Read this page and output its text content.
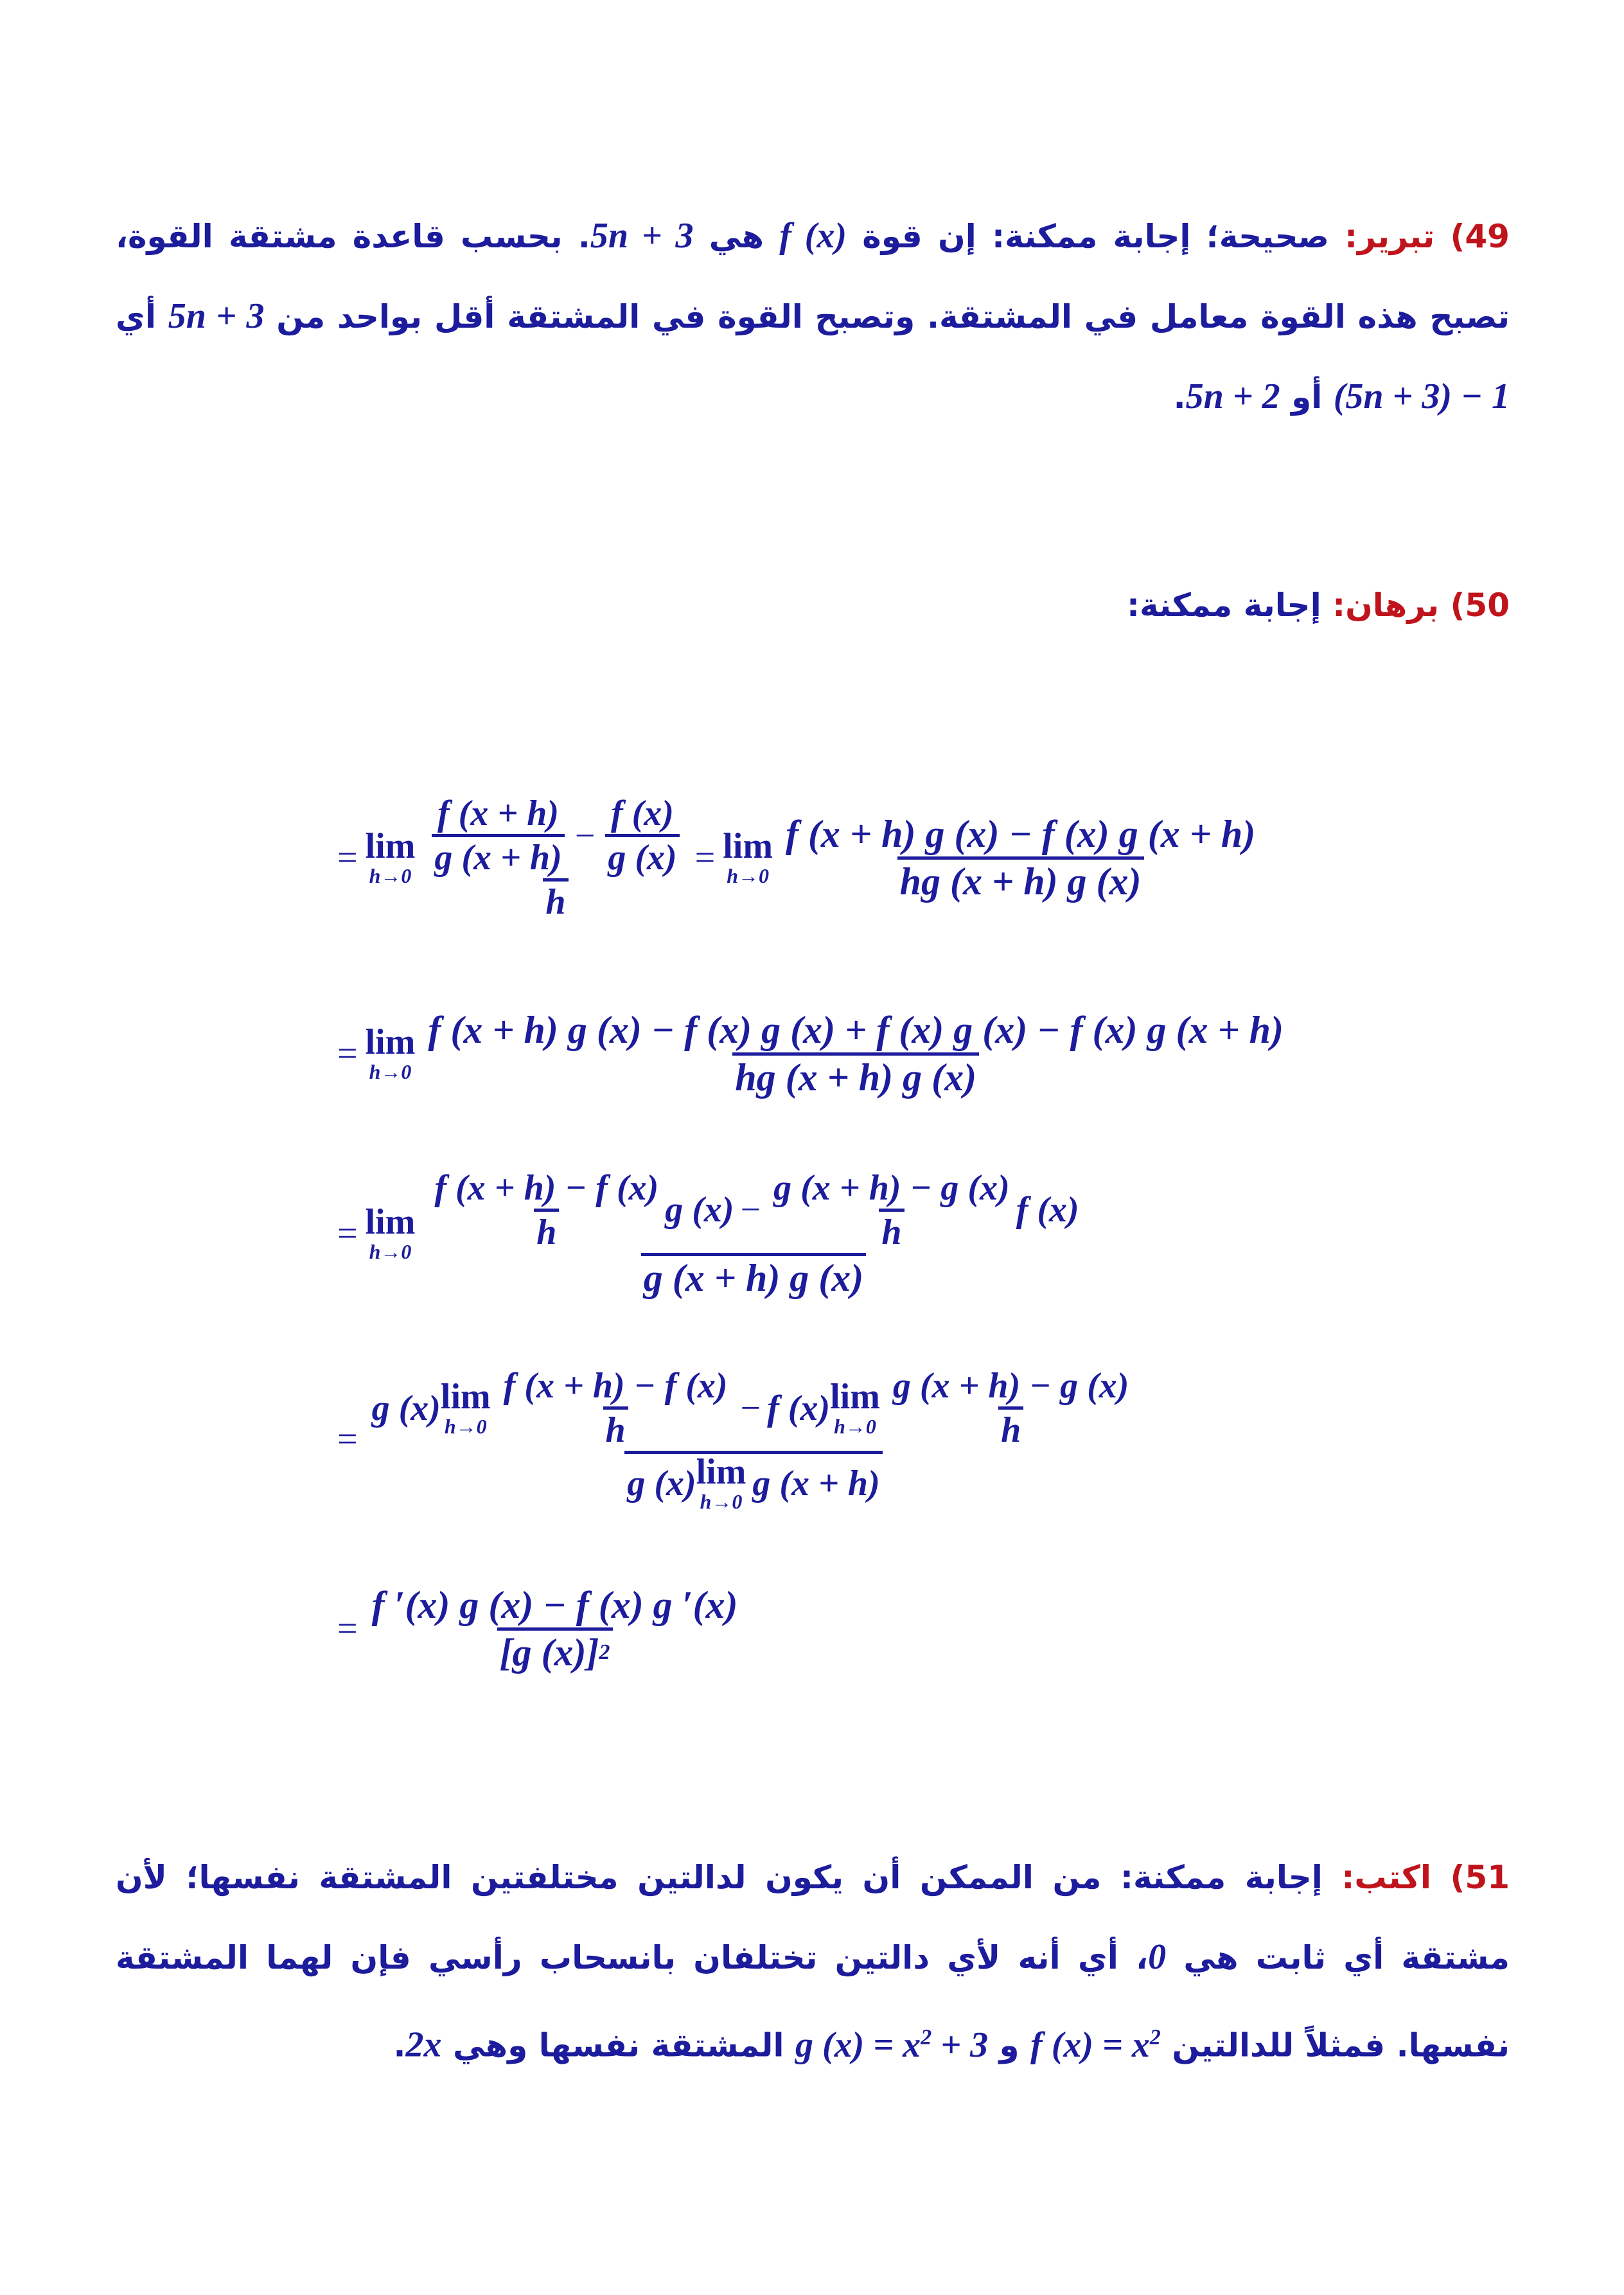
49) تبرير: صحيحة؛ إجابة ممكنة: إن قوة f (x) هي 5n + 3. بحسب قاعدة مشتقة القوة، تصبح هذه القوة معامل في المشتقة. وتصبح القوة في المشتقة أقل بواحد من 5n + 3 أي (5n + 3) − 1 أو 5n + 2.
50) برهان: إجابة ممكنة:
= lim
$h\to 0 \frac{f (x + h)}{g (x + h)} - \frac{f (x)}{g (x)}$
h
= lim
$h\to 0 \frac{f (x + h) g (x) - f (x) g (x + h)}{hg (x + h) g (x)}$
= lim
h→0
f (x + h) g (x) − f (x) g (x) + f (x) g (x) − f (x) g (x + h)
hg (x + h) g (x)
= lim
$h\to 0 \frac{f (x + h) - f (x)}{h}$ g $(x) - \frac{g (x + h) - g (x)}{h}$ f (x)
g (x + h) g (x)
=
g (x) lim
$h\to 0 \frac{f (x + h) - f (x)}{h} - f$ (x) lim
$h\to 0 \frac{g (x + h) - g (x)}{h}$
g (x) lim
h→0 g (x + h)
= $\frac{f '(x) g (x) - f (x) g '(x)}{[g (x)] 2}$
51) اكتب: إجابة ممكنة: من الممكن أن يكون لدالتين مختلفتين المشتقة نفسها؛ لأن مشتقة أي ثابت هي 0، أي أنه لأي دالتين تختلفان بانسحاب رأسي فإن لهما المشتقة نفسها. فمثلاً للدالتين f $(x) = x^2$ و g $(x) = x^2 + 3$ المشتقة نفسها وهي 2x.
